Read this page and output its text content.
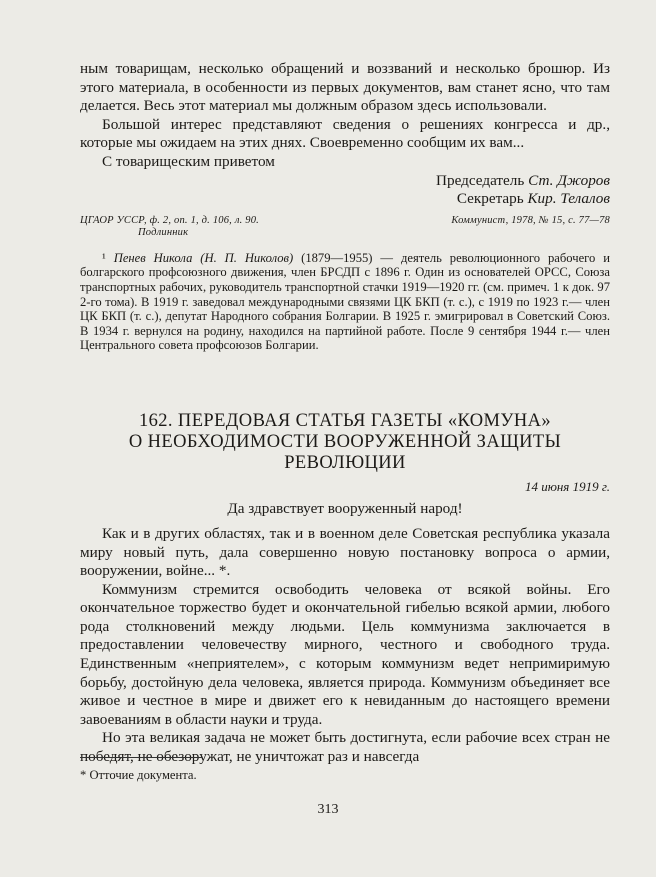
ным товарищам, несколько обращений и воззваний и несколько брошюр. Из этого материала, в особенности из первых документов, вам станет ясно, что там делается. Весь этот материал мы должным образом здесь использовали.

Большой интерес представляют сведения о решениях конгресса и др., которые мы ожидаем на этих днях. Своевременно сообщим их вам...

С товарищеским приветом

Председатель Ст. Джоров
Секретарь Кир. Телалов
ЦГАОР УССР, ф. 2, оп. 1, д. 106, л. 90.
Подлинник
Коммунист, 1978, № 15, с. 77—78

¹ Пенев Никола (Н. П. Николов) (1879—1955) — деятель революционного рабочего и болгарского профсоюзного движения, член БРСДП с 1896 г. Один из основателей ОРСС, Союза транспортных рабочих, руководитель транспортной стачки 1919—1920 гг. (см. примеч. 1 к док. 97 2-го тома). В 1919 г. заведовал международными связями ЦК БКП (т. с.), с 1919 по 1923 г.— член ЦК БКП (т. с.), депутат Народного собрания Болгарии. В 1925 г. эмигрировал в Советский Союз. В 1934 г. вернулся на родину, находился на партийной работе. После 9 сентября 1944 г.— член Центрального совета профсоюзов Болгарии.

162. ПЕРЕДОВАЯ СТАТЬЯ ГАЗЕТЫ «КОМУНА»
О НЕОБХОДИМОСТИ ВООРУЖЕННОЙ ЗАЩИТЫ
РЕВОЛЮЦИИ
14 июня 1919 г.
Да здравствует вооруженный народ!

Как и в других областях, так и в военном деле Советская республика указала миру новый путь, дала совершенно новую постановку вопроса о армии, вооружении, войне... *.

Коммунизм стремится освободить человека от всякой войны. Его окончательное торжество будет и окончательной гибелью всякой армии, любого рода столкновений между людьми. Цель коммунизма заключается в предоставлении человечеству мирного, честного и свободного труда. Единственным «неприятелем», с которым коммунизм ведет непримиримую борьбу, достойную дела человека, является природа. Коммунизм объединяет все живое и честное в мире и движет его к невиданным до настоящего времени завоеваниям в области науки и труда.

Но эта великая задача не может быть достигнута, если рабочие всех стран не победят, не обезоружат, не уничтожат раз и навсегда

* Отточие документа.
313
